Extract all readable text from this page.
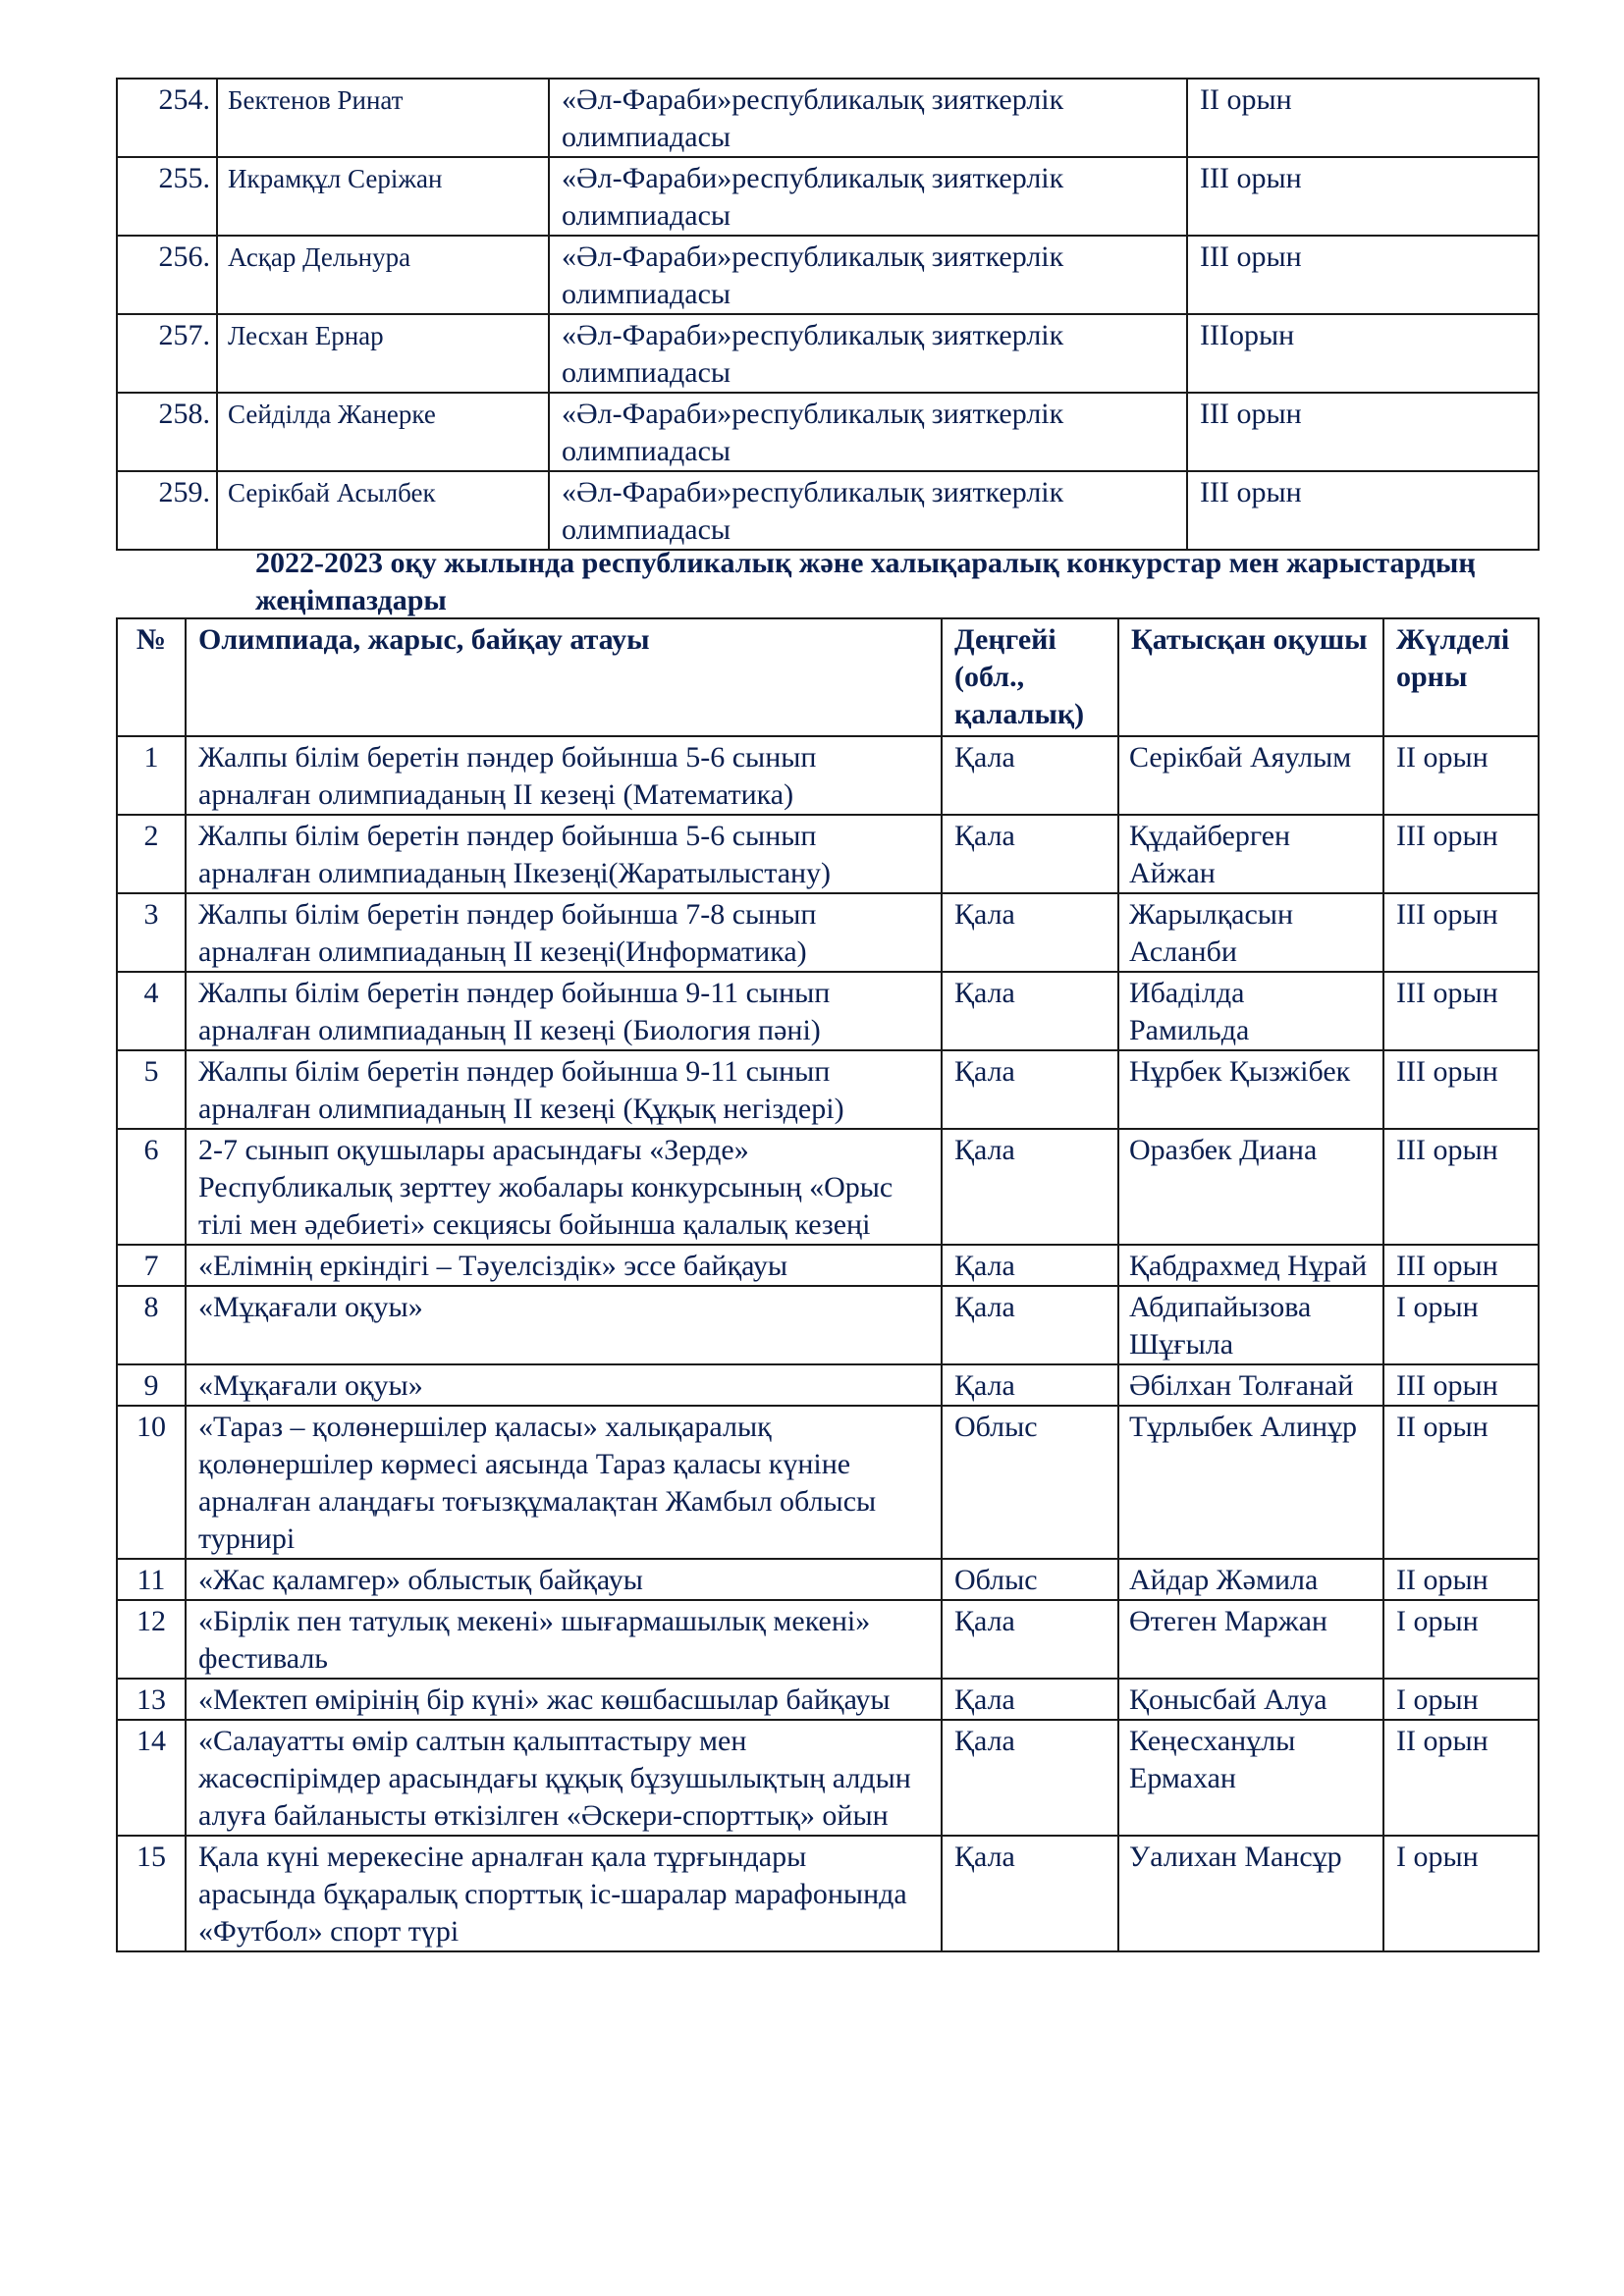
254.	Бектенов Ринат	«Әл-Фараби»республикалық зияткерлік олимпиадасы	ІІ орын
255.	Икрамқұл Серіжан	«Әл-Фараби»республикалық зияткерлік олимпиадасы	ІІІ орын
256.	Асқар Дельнура	«Әл-Фараби»республикалық зияткерлік олимпиадасы	ІІІ орын
257.	Лесхан Ернар	«Әл-Фараби»республикалық зияткерлік олимпиадасы	ІІІорын
258.	Сейділда Жанерке	«Әл-Фараби»республикалық зияткерлік олимпиадасы	ІІІ орын
259.	Серікбай Асылбек	«Әл-Фараби»республикалық зияткерлік олимпиадасы	ІІІ орын
2022-2023 оқу жылында республикалық және халықаралық конкурстар мен жарыстардың жеңімпаздары
№	Олимпиада, жарыс, байқау атауы	Деңгейі (обл., қалалық)	Қатысқан оқушы	Жүлделі орны
1	Жалпы білім беретін пәндер бойынша 5-6 сынып арналған олимпиаданың ІІ кезеңі (Математика)	Қала	Серікбай Аяулым	ІІ орын
2	Жалпы білім беретін пәндер бойынша 5-6 сынып арналған олимпиаданың ІІкезеңі(Жаратылыстану)	Қала	Құдайберген Айжан	ІІІ орын
3	Жалпы білім беретін пәндер бойынша 7-8 сынып арналған олимпиаданың ІІ кезеңі(Информатика)	Қала	Жарылқасын Асланби	ІІІ орын
4	Жалпы білім беретін пәндер бойынша 9-11 сынып арналған олимпиаданың ІІ кезеңі (Биология пәні)	Қала	Ибаділда Рамильда	ІІІ орын
5	Жалпы білім беретін пәндер бойынша 9-11 сынып арналған олимпиаданың ІІ кезеңі (Құқық негіздері)	Қала	Нұрбек Қызжібек	ІІІ орын
6	2-7 сынып оқушылары арасындағы «Зерде» Республикалық зерттеу жобалары конкурсының «Орыс тілі мен әдебиеті» секциясы бойынша қалалық кезеңі	Қала	Оразбек Диана	ІІІ орын
7	«Елімнің еркіндігі – Тәуелсіздік» эссе байқауы	Қала	Қабдрахмед Нұрай	ІІІ орын
8	«Мұқағали оқуы»	Қала	Абдипайызова Шұғыла	І орын
9	«Мұқағали оқуы»	Қала	Әбілхан Толғанай	ІІІ орын
10	«Тараз – қолөнершілер қаласы» халықаралық қолөнершілер көрмесі аясында Тараз қаласы күніне арналған алаңдағы тоғызқұмалақтан Жамбыл облысы турнирі	Облыс	Тұрлыбек Алинұр	ІІ орын
11	«Жас қаламгер» облыстық байқауы	Облыс	Айдар Жәмила	ІІ орын
12	«Бірлік пен татулық мекені» шығармашылық мекені» фестиваль	Қала	Өтеген Маржан	І орын
13	«Мектеп өмірінің бір күні» жас көшбасшылар байқауы	Қала	Қонысбай Алуа	І орын
14	«Салауатты өмір салтын қалыптастыру мен жасөспірімдер арасындағы құқық бұзушылықтың алдын алуға байланысты өткізілген «Әскери-спорттық» ойын	Қала	Кеңесханұлы Ермахан	ІІ орын
15	Қала күні мерекесіне арналған қала тұрғындары арасында бұқаралық спорттық іс-шаралар марафонында «Футбол» спорт түрі	Қала	Уалихан Мансұр	І орын
